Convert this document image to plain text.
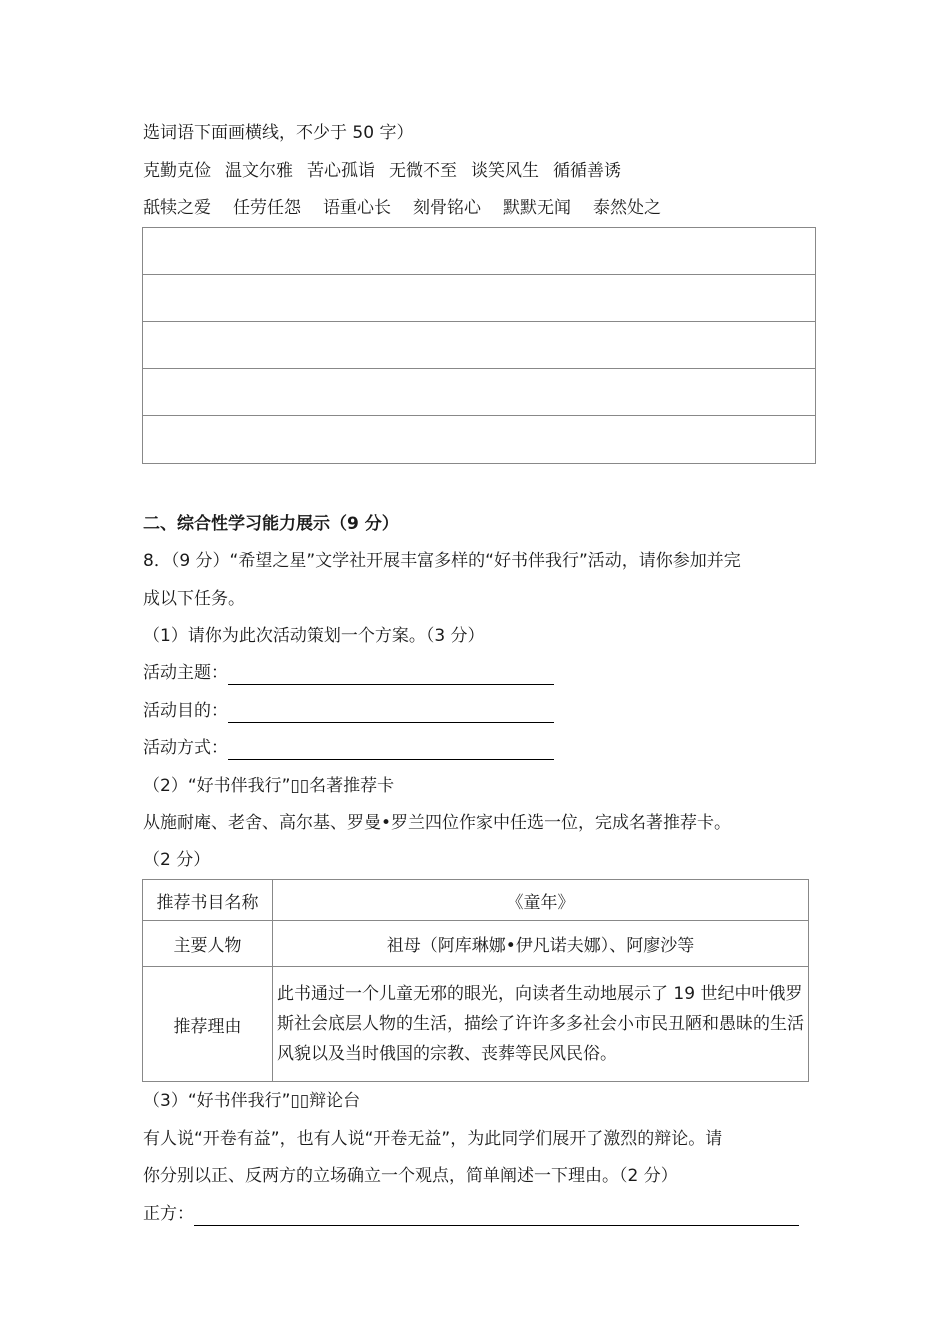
选词语下面画横线，不少于 50 字）
克勤克俭 温文尔雅 苦心孤诣 无微不至 谈笑风生 循循善诱
舐犊之爱 任劳任怨 语重心长 刻骨铭心 默默无闻 泰然处之
二、综合性学习能力展示（9 分）
8．（9 分）“希望之星”文学社开展丰富多样的“好书伴我行”活动，请你参加并完
成以下任务。
（1）请你为此次活动策划一个方案。（3 分）
活动主题：
活动目的：
活动方式：
（2）“好书伴我行”▯▯名著推荐卡
从施耐庵、老舍、高尔基、罗曼•罗兰四位作家中任选一位，完成名著推荐卡。
（2 分）
推荐书目名称	《童年》
主要人物	祖母（阿库琳娜•伊凡诺夫娜）、阿廖沙等
推荐理由	此书通过一个儿童无邪的眼光，向读者生动地展示了 19 世纪中叶俄罗斯社会底层人物的生活，描绘了许许多多社会小市民丑陋和愚昧的生活风貌以及当时俄国的宗教、丧葬等民风民俗。
（3）“好书伴我行”▯▯辩论台
有人说“开卷有益”，也有人说“开卷无益”，为此同学们展开了激烈的辩论。请
你分别以正、反两方的立场确立一个观点，简单阐述一下理由。（2 分）
正方：
